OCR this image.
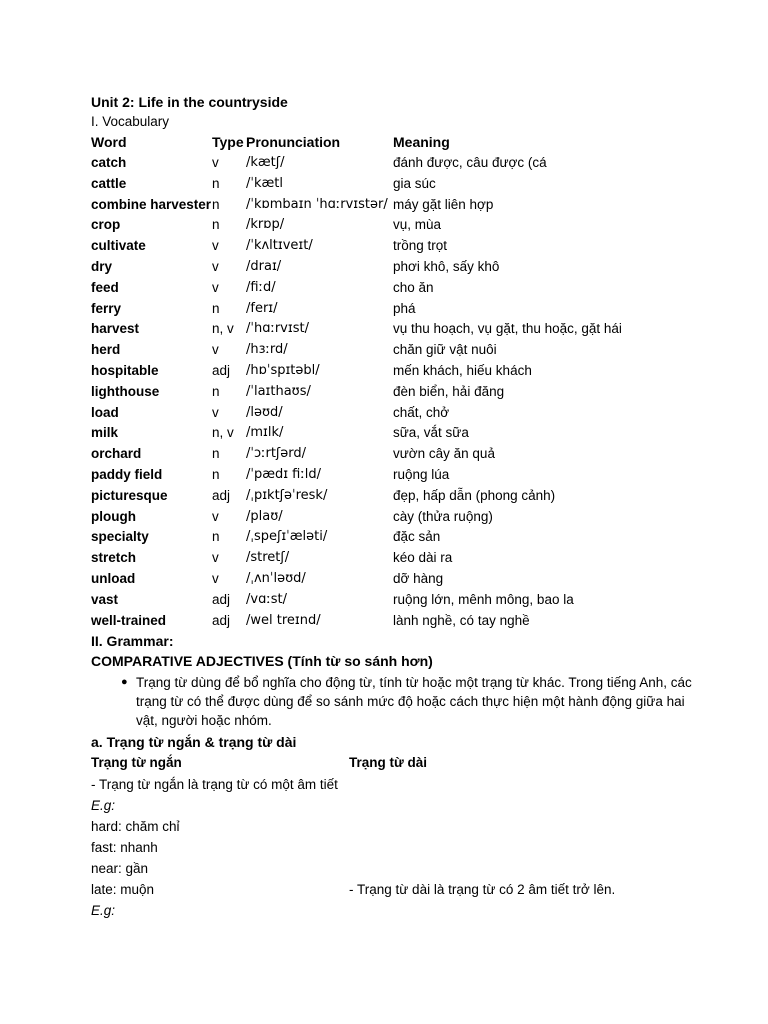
Unit 2: Life in the countryside
I. Vocabulary
Word	Type	Pronunciation	Meaning
catch	v	/kætʃ/	đánh được, câu được (cá
cattle	n	/ˈkætl	gia súc
combine harvester	n	/ˈkɒmbaɪn ˈhɑːrvɪstər/	máy gặt liên hợp
crop	n	/krɒp/	vụ, mùa
cultivate	v	/ˈkʌltɪveɪt/	trồng trọt
dry	v	/draɪ/	phơi khô, sấy khô
feed	v	/fiːd/	cho ăn
ferry	n	/ferɪ/	phá
harvest	n, v	/ˈhɑːrvɪst/	vụ thu hoạch, vụ gặt, thu hoặc, gặt hái
herd	v	/hɜːrd/	chăn giữ vật nuôi
hospitable	adj	/hɒˈspɪtəbl/	mến khách, hiếu khách
lighthouse	n	/ˈlaɪthaʊs/	đèn biển, hải đăng
load	v	/ləʊd/	chất, chở
milk	n, v	/mɪlk/	sữa, vắt sữa
orchard	n	/ˈɔːrtʃərd/	vườn cây ăn quả
paddy field	n	/ˈpædɪ fiːld/	ruộng lúa
picturesque	adj	/ˌpɪktʃəˈresk/	đẹp, hấp dẫn (phong cảnh)
plough	v	/plaʊ/	cày (thửa ruộng)
specialty	n	/ˌspeʃɪˈæləti/	đặc sản
stretch	v	/stretʃ/	kéo dài ra
unload	v	/ˌʌnˈləʊd/	dỡ hàng
vast	adj	/vɑːst/	ruộng lớn, mênh mông, bao la
well-trained	adj	/wel treɪnd/	lành nghề, có tay nghề
II. Grammar:
COMPARATIVE ADJECTIVES (Tính từ so sánh hơn)
● Trạng từ dùng để bổ nghĩa cho động từ, tính từ hoặc một trạng từ khác. Trong tiếng Anh, các trạng từ có thể được dùng để so sánh mức độ hoặc cách thực hiện một hành động giữa hai vật, người hoặc nhóm.
a. Trạng từ ngắn & trạng từ dài
Trạng từ ngắn	Trạng từ dài
- Trạng từ ngắn là trạng từ có một âm tiết
E.g:
hard: chăm chỉ
fast: nhanh
near: gần
late: muộn	- Trạng từ dài là trạng từ có 2 âm tiết trở lên.
E.g:
